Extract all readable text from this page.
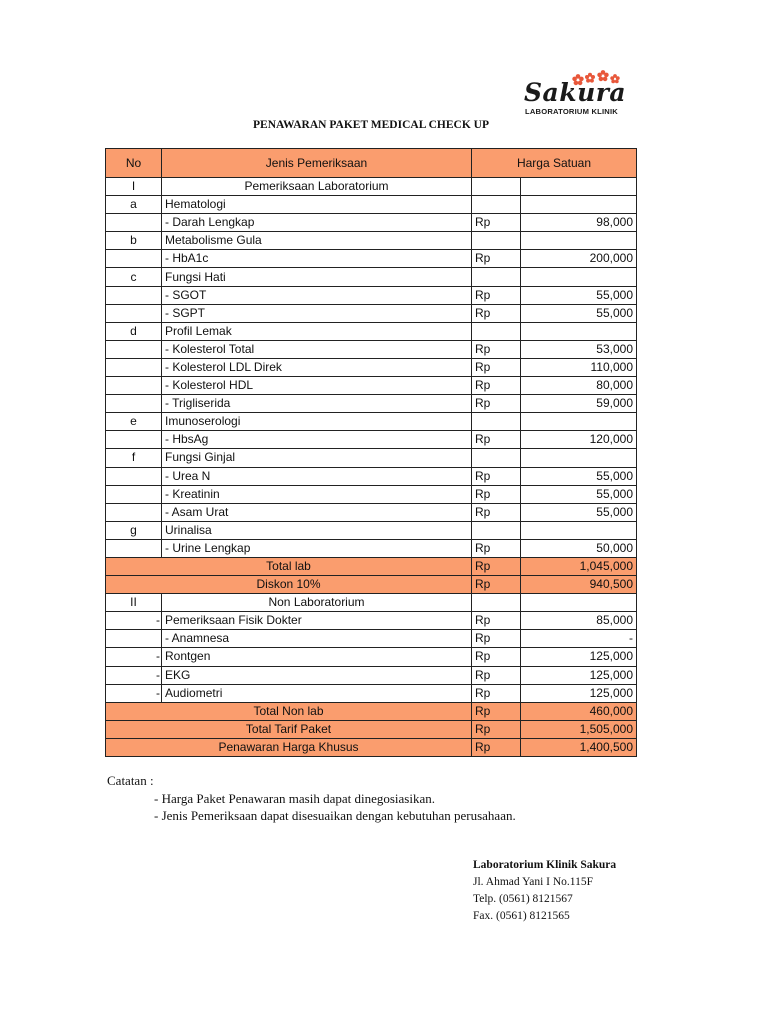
Sakura
LABORATORIUM KLINIK
PENAWARAN PAKET MEDICAL CHECK UP
No	Jenis Pemeriksaan	Harga Satuan	
I	Pemeriksaan Laboratorium		
a	Hematologi		
	- Darah Lengkap	Rp	98,000
b	Metabolisme Gula		
	- HbA1c	Rp	200,000
c	Fungsi Hati		
	- SGOT	Rp	55,000
	- SGPT	Rp	55,000
d	Profil Lemak		
	- Kolesterol Total	Rp	53,000
	- Kolesterol LDL Direk	Rp	110,000
	- Kolesterol HDL	Rp	80,000
	- Trigliserida	Rp	59,000
e	Imunoserologi		
	- HbsAg	Rp	120,000
f	Fungsi Ginjal		
	- Urea N	Rp	55,000
	- Kreatinin	Rp	55,000
	- Asam Urat	Rp	55,000
g	Urinalisa		
	- Urine Lengkap	Rp	50,000
Total lab		Rp	1,045,000
Diskon 10%		Rp	940,500
II	Non Laboratorium		
-	Pemeriksaan Fisik Dokter	Rp	85,000
	- Anamnesa	Rp	-
-	Rontgen	Rp	125,000
-	EKG	Rp	125,000
-	Audiometri	Rp	125,000
Total Non lab		Rp	460,000
Total Tarif Paket		Rp	1,505,000
Penawaran Harga Khusus		Rp	1,400,500
Catatan :
- Harga Paket Penawaran masih dapat dinegosiasikan.
- Jenis Pemeriksaan dapat disesuaikan dengan kebutuhan perusahaan.
Laboratorium Klinik Sakura
Jl. Ahmad Yani I No.115F
Telp. (0561) 8121567
Fax. (0561) 8121565
